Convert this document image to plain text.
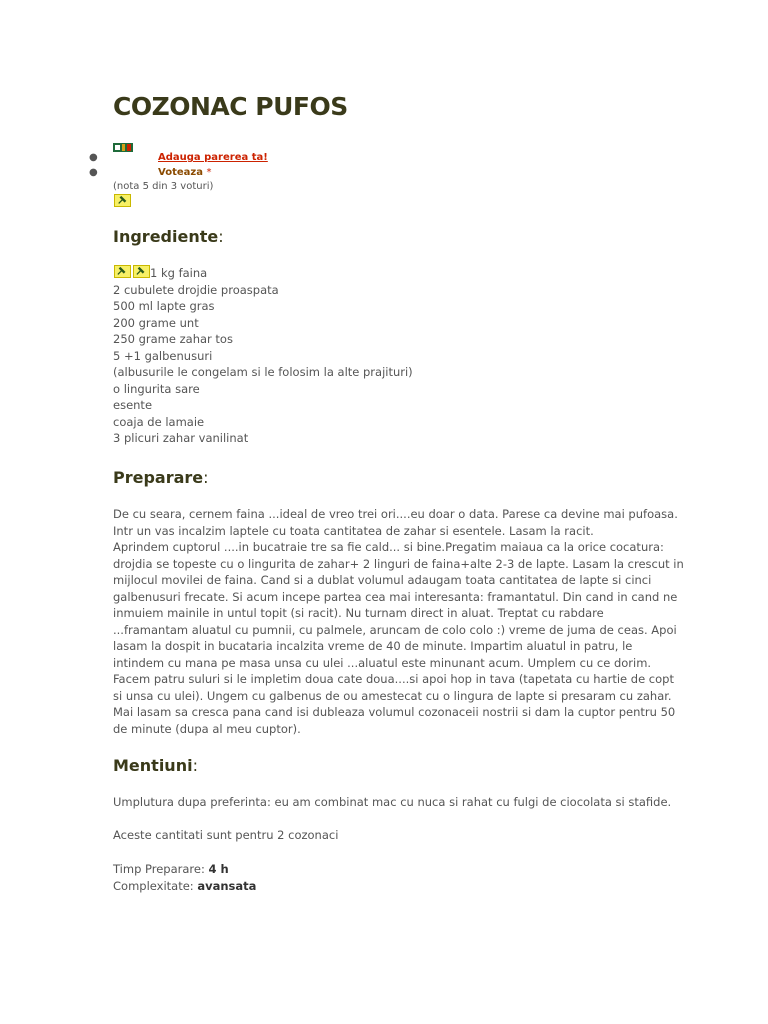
COZONAC PUFOS
●	Adauga parerea ta!
●	Voteaza *
(nota 5 din 3 voturi)
Ingrediente:
1 kg faina
2 cubulete drojdie proaspata
500 ml lapte gras
200 grame unt
250 grame zahar tos
5 +1 galbenusuri
(albusurile le congelam si le folosim la alte prajituri)
o lingurita sare
esente
coaja de lamaie
3 plicuri zahar vanilinat
Preparare:
De cu seara, cernem faina ...ideal de vreo trei ori....eu doar o data. Parese ca devine mai pufoasa.
Intr un vas incalzim laptele cu toata cantitatea de zahar si esentele. Lasam la racit.
Aprindem cuptorul ....in bucatraie tre sa fie cald... si bine.Pregatim maiaua ca la orice cocatura:
drojdia se topeste cu o lingurita de zahar+ 2 linguri de faina+alte 2-3 de lapte. Lasam la crescut in
mijlocul movilei de faina. Cand si a dublat volumul adaugam toata cantitatea de lapte si cinci
galbenusuri frecate. Si acum incepe partea cea mai interesanta: framantatul. Din cand in cand ne
inmuiem mainile in untul topit (si racit). Nu turnam direct in aluat. Treptat cu rabdare
...framantam aluatul cu pumnii, cu palmele, aruncam de colo colo :) vreme de juma de ceas. Apoi
lasam la dospit in bucataria incalzita vreme de 40 de minute. Impartim aluatul in patru, le
intindem cu mana pe masa unsa cu ulei ...aluatul este minunant acum. Umplem cu ce dorim.
Facem patru suluri si le impletim doua cate doua....si apoi hop in tava (tapetata cu hartie de copt
si unsa cu ulei). Ungem cu galbenus de ou amestecat cu o lingura de lapte si presaram cu zahar.
Mai lasam sa cresca pana cand isi dubleaza volumul cozonaceii nostrii si dam la cuptor pentru 50
de minute (dupa al meu cuptor).
Mentiuni:
Umplutura dupa preferinta: eu am combinat mac cu nuca si rahat cu fulgi de ciocolata si stafide.
Aceste cantitati sunt pentru 2 cozonaci
Timp Preparare: 4 h
Complexitate: avansata
